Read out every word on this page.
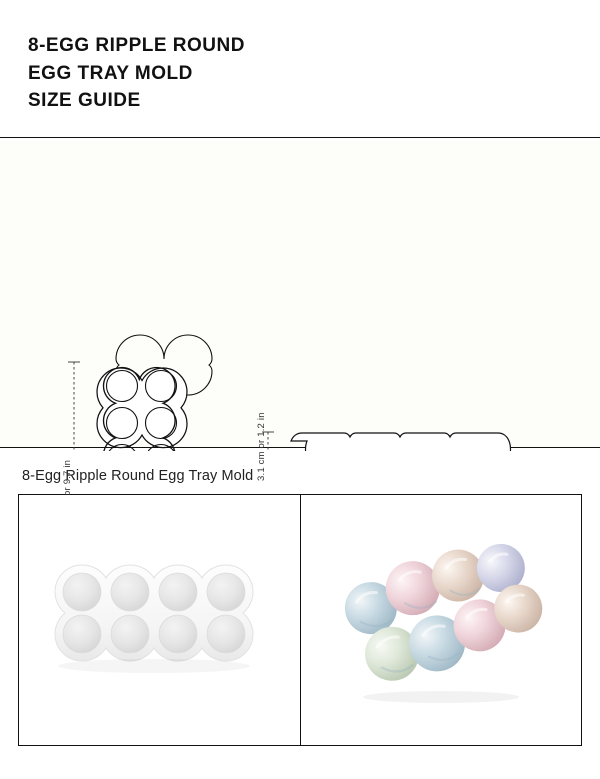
8-EGG RIPPLE ROUND
EGG TRAY MOLD
SIZE GUIDE
3.1 cm or 1.2 in
8-Egg Ripple Round Egg Tray Mold
